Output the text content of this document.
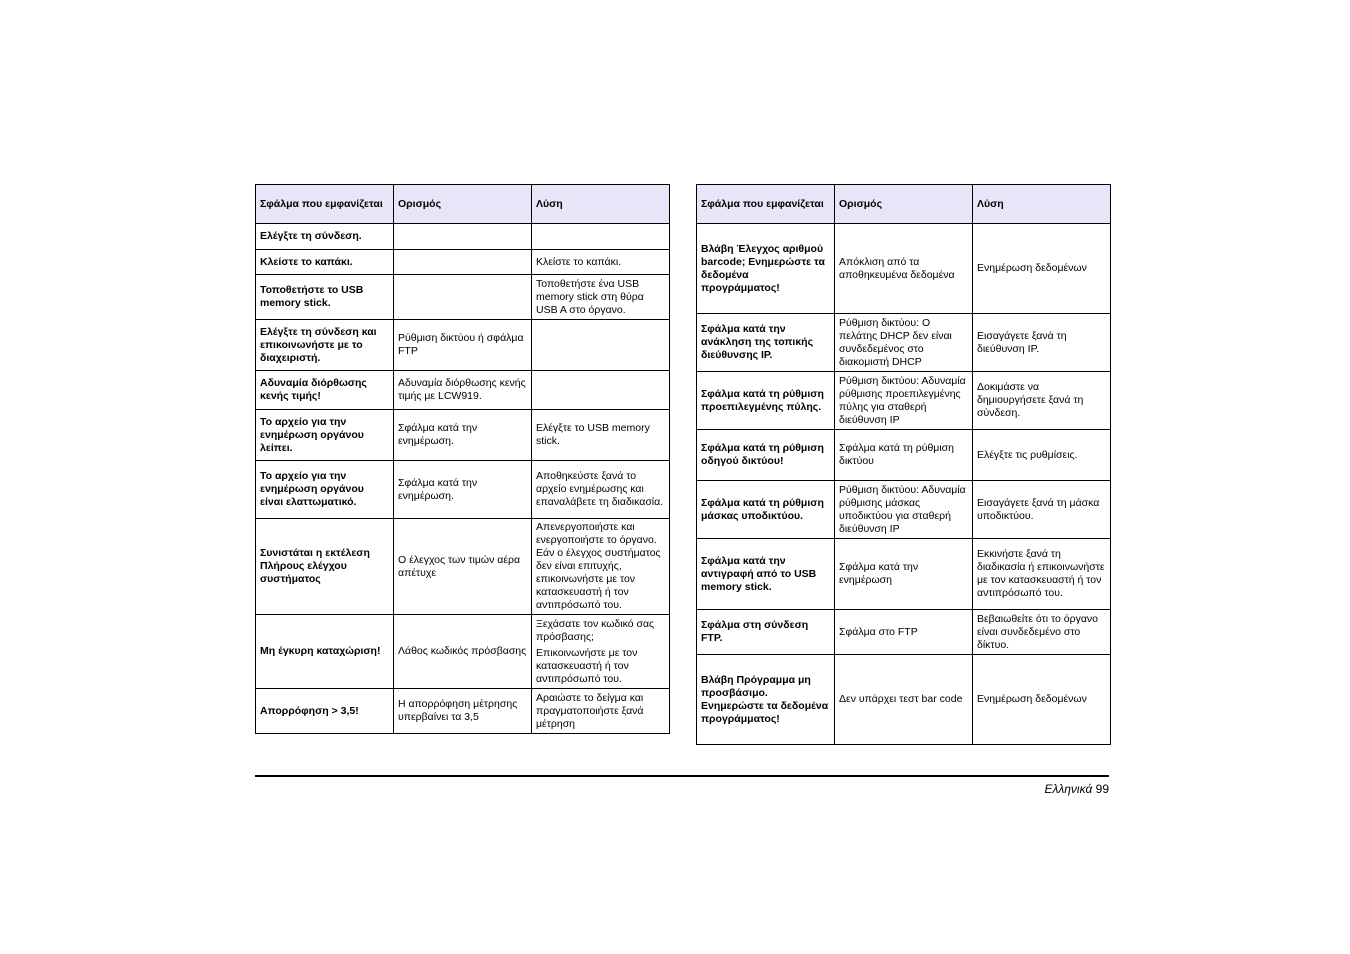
Σφάλμα που εμφανίζεται	Ορισμός	Λύση
Ελέγξτε τη σύνδεση.		
Κλείστε το καπάκι.		Κλείστε το καπάκι.
Τοποθετήστε το USB memory stick.		Τοποθετήστε ένα USB memory stick στη θύρα USB A στο όργανο.
Ελέγξτε τη σύνδεση και επικοινωνήστε με το διαχειριστή.	Ρύθμιση δικτύου ή σφάλμα FTP	
Αδυναμία διόρθωσης κενής τιμής!	Αδυναμία διόρθωσης κενής τιμής με LCW919.	
Το αρχείο για την ενημέρωση οργάνου λείπει.	Σφάλμα κατά την ενημέρωση.	Ελέγξτε το USB memory stick.
Το αρχείο για την ενημέρωση οργάνου είναι ελαττωματικό.	Σφάλμα κατά την ενημέρωση.	Αποθηκεύστε ξανά το αρχείο ενημέρωσης και επαναλάβετε τη διαδικασία.
Συνιστάται η εκτέλεση Πλήρους ελέγχου συστήματος	Ο έλεγχος των τιμών αέρα απέτυχε	Απενεργοποιήστε και ενεργοποιήστε το όργανο. Εάν ο έλεγχος συστήματος δεν είναι επιτυχής, επικοινωνήστε με τον κατασκευαστή ή τον αντιπρόσωπό του.
Μη έγκυρη καταχώριση!	Λάθος κωδικός πρόσβασης	Ξεχάσατε τον κωδικό σας πρόσβασης;
Επικοινωνήστε με τον κατασκευαστή ή τον αντιπρόσωπό του.

Απορρόφηση > 3,5!	Η απορρόφηση μέτρησης υπερβαίνει τα 3,5	Αραιώστε το δείγμα και πραγματοποιήστε ξανά μέτρηση
Σφάλμα που εμφανίζεται	Ορισμός	Λύση
Βλάβη Έλεγχος αριθμού barcode; Ενημερώστε τα δεδομένα προγράμματος!	Απόκλιση από τα αποθηκευμένα δεδομένα	Ενημέρωση δεδομένων
Σφάλμα κατά την ανάκληση της τοπικής διεύθυνσης IP.	Ρύθμιση δικτύου: Ο πελάτης DHCP δεν είναι συνδεδεμένος στο διακομιστή DHCP	Εισαγάγετε ξανά τη διεύθυνση IP.
Σφάλμα κατά τη ρύθμιση προεπιλεγμένης πύλης.	Ρύθμιση δικτύου: Αδυναμία ρύθμισης προεπιλεγμένης πύλης για σταθερή διεύθυνση IP	Δοκιμάστε να δημιουργήσετε ξανά τη σύνδεση.
Σφάλμα κατά τη ρύθμιση οδηγού δικτύου!	Σφάλμα κατά τη ρύθμιση δικτύου	Ελέγξτε τις ρυθμίσεις.
Σφάλμα κατά τη ρύθμιση μάσκας υποδικτύου.	Ρύθμιση δικτύου: Αδυναμία ρύθμισης μάσκας υποδικτύου για σταθερή διεύθυνση IP	Εισαγάγετε ξανά τη μάσκα υποδικτύου.
Σφάλμα κατά την αντιγραφή από το USB memory stick.	Σφάλμα κατά την ενημέρωση	Εκκινήστε ξανά τη διαδικασία ή επικοινωνήστε με τον κατασκευαστή ή τον αντιπρόσωπό του.
Σφάλμα στη σύνδεση FTP.	Σφάλμα στο FTP	Βεβαιωθείτε ότι το όργανο είναι συνδεδεμένο στο δίκτυο.
Βλάβη Πρόγραμμα μη προσβάσιμο. Ενημερώστε τα δεδομένα προγράμματος!	Δεν υπάρχει τεστ bar code	Ενημέρωση δεδομένων
Ελληνικά 99
